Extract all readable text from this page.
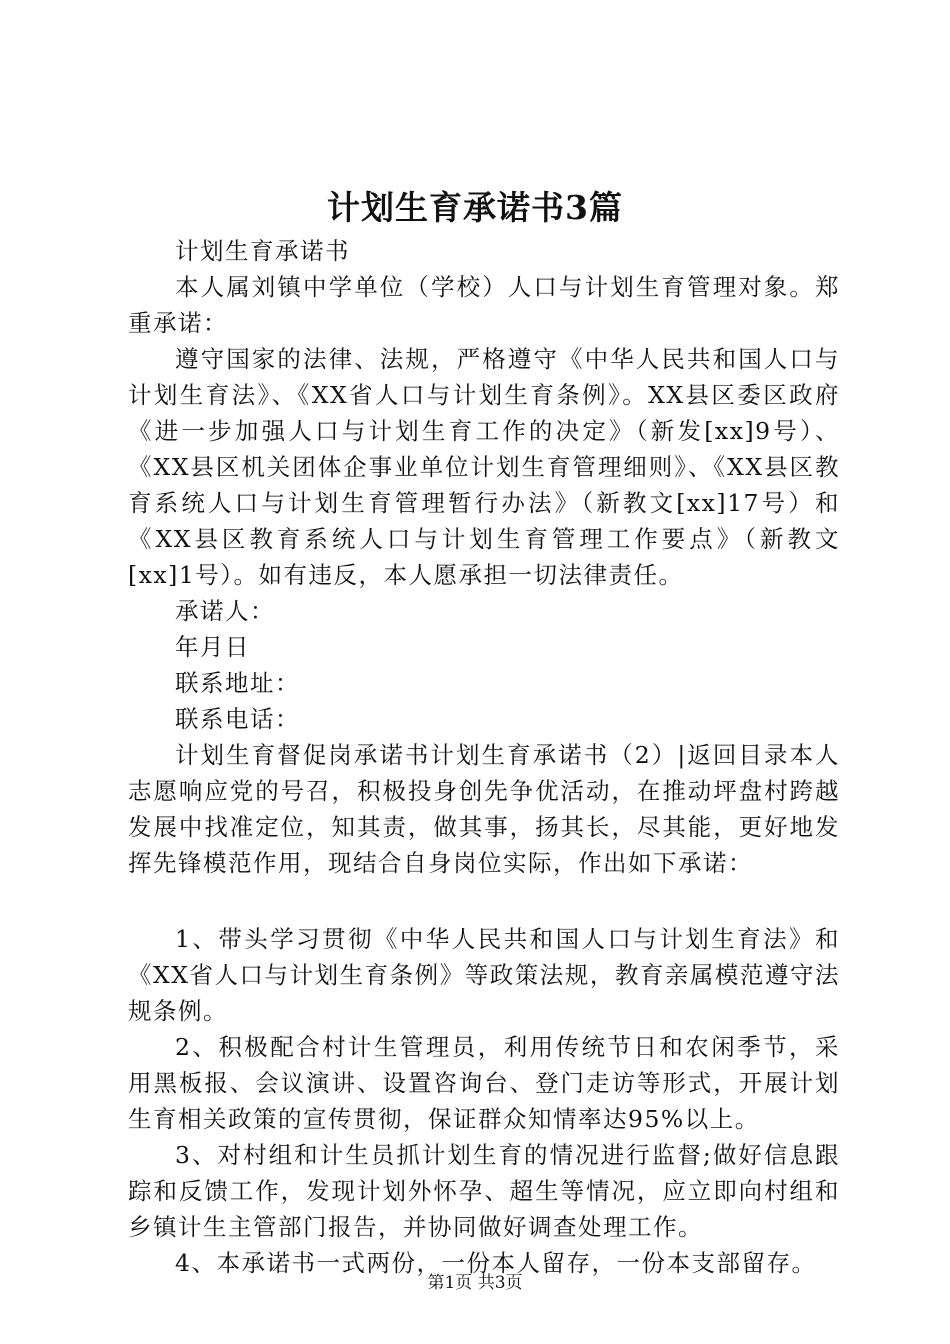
计划生育承诺书3篇

计划生育承诺书

本人属刘镇中学单位（学校）人口与计划生育管理对象。郑重承诺：

遵守国家的法律、法规，严格遵守《中华人民共和国人口与计划生育法》、《XX省人口与计划生育条例》。XX县区委区政府《进一步加强人口与计划生育工作的决定》（新发[xx]9号）、《XX县区机关团体企事业单位计划生育管理细则》、《XX县区教育系统人口与计划生育管理暂行办法》（新教文[xx]17号）和《XX县区教育系统人口与计划生育管理工作要点》（新教文[xx]1号）。如有违反，本人愿承担一切法律责任。

承诺人：

年月日

联系地址：

联系电话：

计划生育督促岗承诺书计划生育承诺书（2）|返回目录本人志愿响应党的号召，积极投身创先争优活动，在推动坪盘村跨越发展中找准定位，知其责，做其事，扬其长，尽其能，更好地发挥先锋模范作用，现结合自身岗位实际，作出如下承诺：

1、带头学习贯彻《中华人民共和国人口与计划生育法》和《XX省人口与计划生育条例》等政策法规，教育亲属模范遵守法规条例。

2、积极配合村计生管理员，利用传统节日和农闲季节，采用黑板报、会议演讲、设置咨询台、登门走访等形式，开展计划生育相关政策的宣传贯彻，保证群众知情率达95%以上。

3、对村组和计生员抓计划生育的情况进行监督;做好信息跟踪和反馈工作，发现计划外怀孕、超生等情况，应立即向村组和乡镇计生主管部门报告，并协同做好调查处理工作。

4、本承诺书一式两份，一份本人留存，一份本支部留存。

第1页 共3页
